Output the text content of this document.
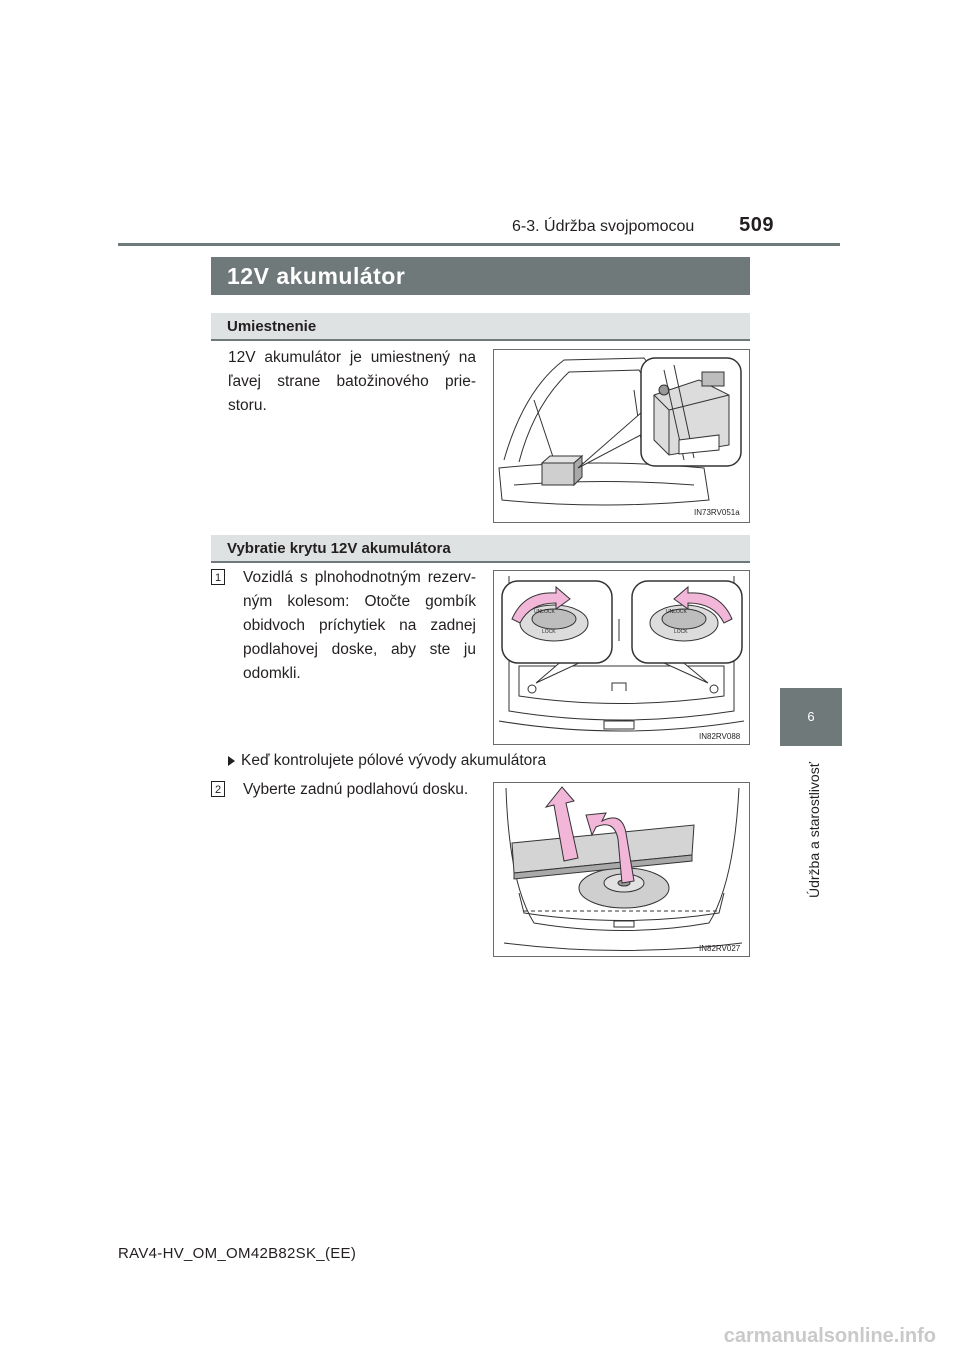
6-3. Údržba svojpomocou 509
6
Údržba a starostlivosť
12V akumulátor
Umiestnenie
12V akumulátor je umiestnený na ľavej strane batožinového prie-storu.
IN73RV051a
Vybratie krytu 12V akumulátora
1 Vozidlá s plnohodnotným rezerv-ným kolesom: Otočte gombík obidvoch príchytiek na zadnej podlahovej doske, aby ste ju odomkli.
UNLOCK
LOCK
UNLOCK
LOCK
IN82RV088
Keď kontrolujete pólové vývody akumulátora
2 Vyberte zadnú podlahovú dosku.
IN82RV027
RAV4-HV_OM_OM42B82SK_(EE)
carmanualsonline.info
